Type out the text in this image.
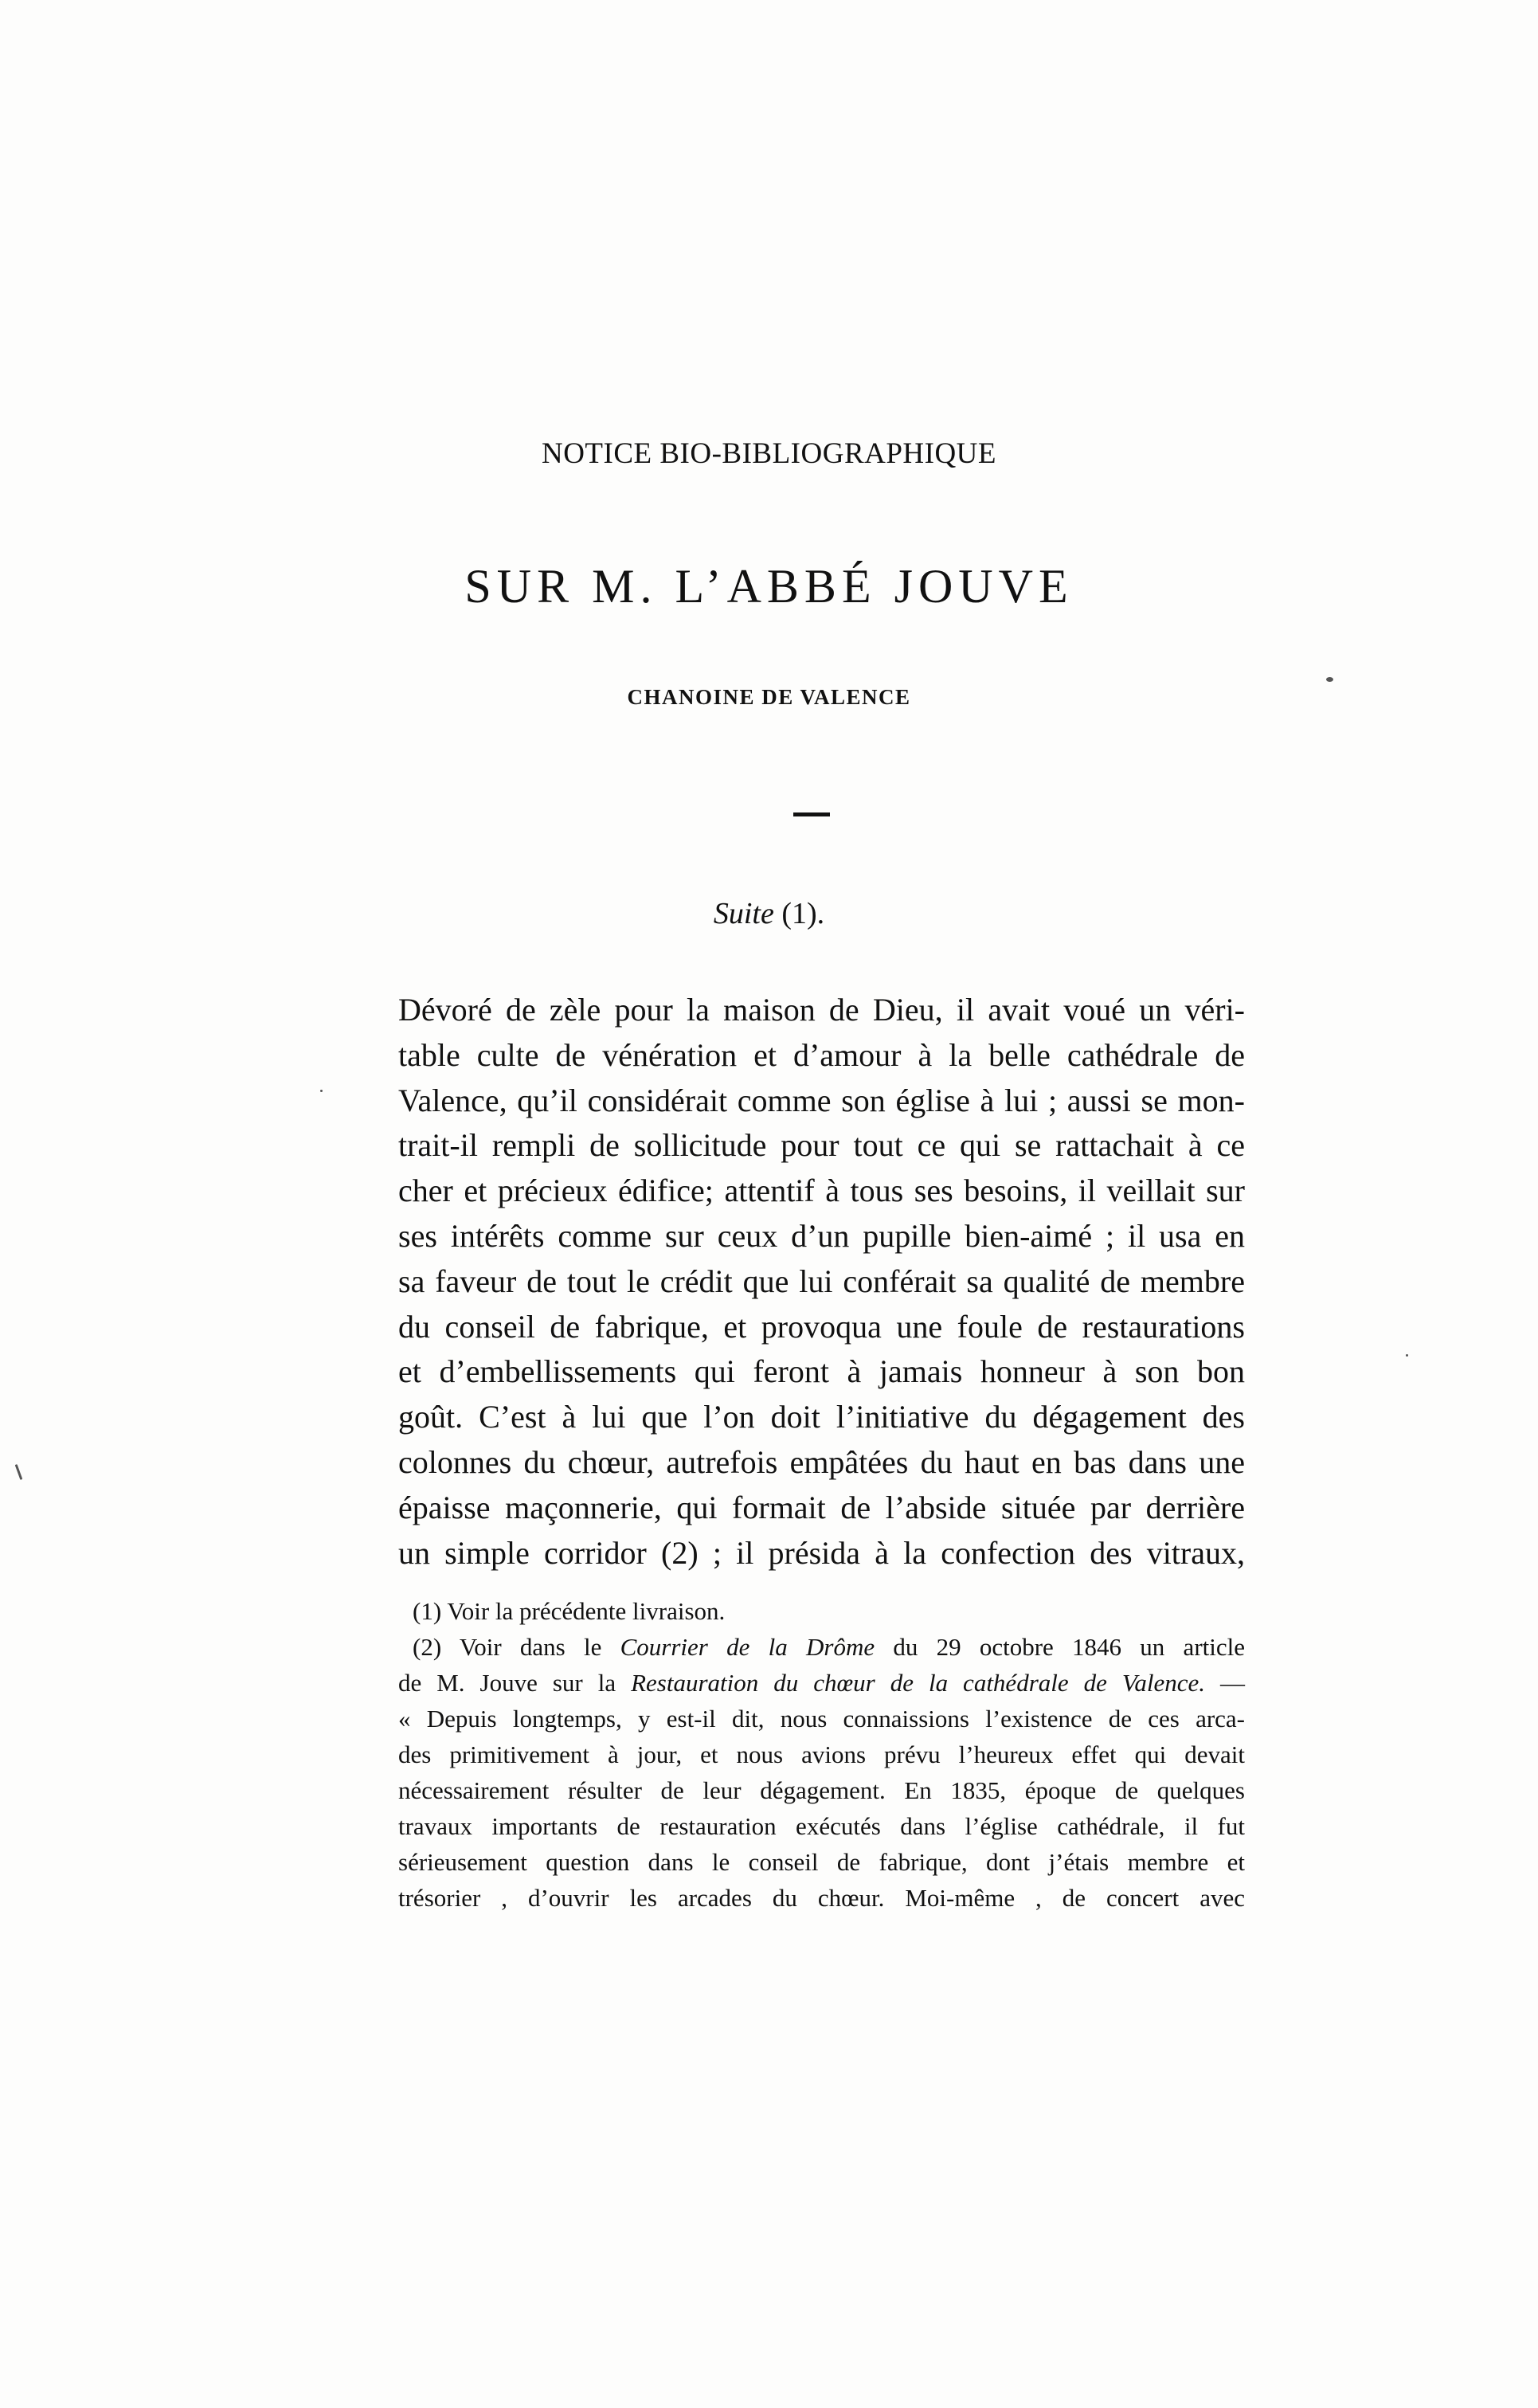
NOTICE BIO-BIBLIOGRAPHIQUE
SUR M. L’ABBÉ JOUVE
CHANOINE DE VALENCE
Suite (1).
Dévoré de zèle pour la maison de Dieu, il avait voué un véri-
table culte de vénération et d’amour à la belle cathédrale de
Valence, qu’il considérait comme son église à lui ; aussi se mon-
trait-il rempli de sollicitude pour tout ce qui se rattachait à ce
cher et précieux édifice; attentif à tous ses besoins, il veillait sur
ses intérêts comme sur ceux d’un pupille bien-aimé ; il usa en
sa faveur de tout le crédit que lui conférait sa qualité de membre
du conseil de fabrique, et provoqua une foule de restaurations
et d’embellissements qui feront à jamais honneur à son bon
goût. C’est à lui que l’on doit l’initiative du dégagement des
colonnes du chœur, autrefois empâtées du haut en bas dans une
épaisse maçonnerie, qui formait de l’abside située par derrière
un simple corridor (2) ; il présida à la confection des vitraux,
(1) Voir la précédente livraison.
(2) Voir dans le Courrier de la Drôme du 29 octobre 1846 un article
de M. Jouve sur la Restauration du chœur de la cathédrale de Valence. —
« Depuis longtemps, y est-il dit, nous connaissions l’existence de ces arca-
des primitivement à jour, et nous avions prévu l’heureux effet qui devait
nécessairement résulter de leur dégagement. En 1835, époque de quelques
travaux importants de restauration exécutés dans l’église cathédrale, il fut
sérieusement question dans le conseil de fabrique, dont j’étais membre et
trésorier , d’ouvrir les arcades du chœur. Moi-même , de concert avec
